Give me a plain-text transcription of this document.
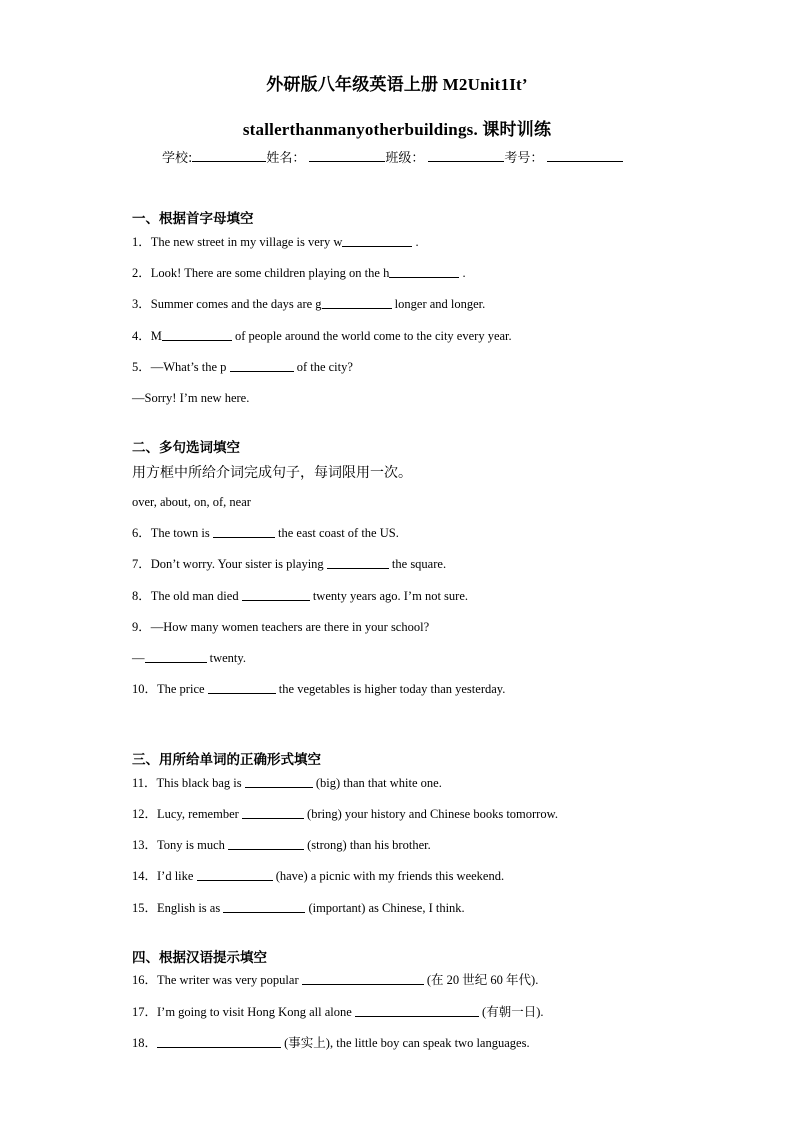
外研版八年级英语上册 M2Unit1It’
stallerthanmanyotherbuildings. 课时训练
学校:	姓名：	班级：	考号：
一、根据首字母填空
1．The new street in my village is very w	.
2．Look! There are some children playing on the h	.
3．Summer comes and the days are g	longer and longer.
4．M	of people around the world come to the city every year.
5．—What’s the p	of the city?
—Sorry! I’m new here.
二、多句选词填空
用方框中所给介词完成句子，每词限用一次。
over, about, on, of, near
6．The town is	the east coast of the US.
7．Don’t worry. Your sister is playing	the square.
8．The old man died	twenty years ago. I’m not sure.
9．—How many women teachers are there in your school?
—	twenty.
10．The price	the vegetables is higher today than yesterday.
三、用所给单词的正确形式填空
11．This black bag is	(big) than that white one.
12．Lucy, remember	(bring) your history and Chinese books tomorrow.
13．Tony is much	(strong) than his brother.
14．I’d like	(have) a picnic with my friends this weekend.
15．English is as	(important) as Chinese, I think.
四、根据汉语提示填空
16．The writer was very popular	(在 20 世纪 60 年代).
17．I’m going to visit Hong Kong all alone	(有朝一日).
18．	(事实上), the little boy can speak two languages.
